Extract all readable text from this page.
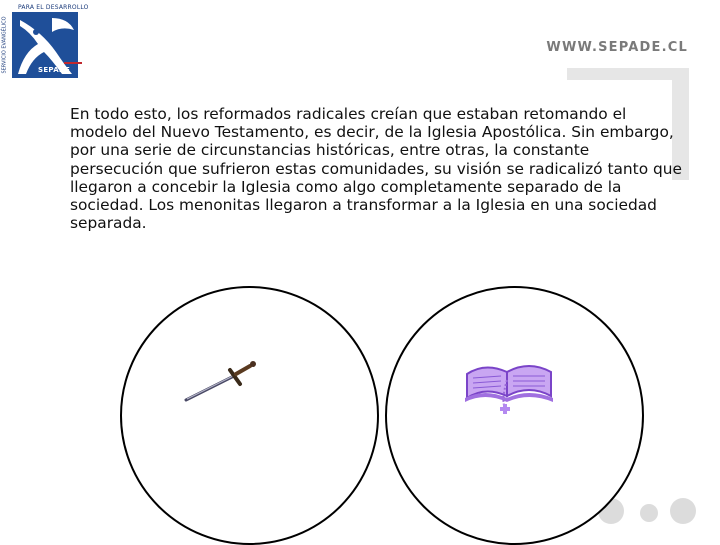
PARA EL DESARROLLO
SERVICIO EVANGÉLICO	SEPADE
WWW.SEPADE.CL

En todo esto, los reformados radicales creían que estaban retomando el modelo del Nuevo Testamento, es decir, de la Iglesia Apostólica. Sin embargo, por una serie de circunstancias históricas, entre otras, la constante persecución que sufrieron estas comunidades, su visión se radicalizó tanto que llegaron a concebir la Iglesia como algo completamente separado de la sociedad. Los menonitas llegaron a transformar a la Iglesia en una sociedad separada.
